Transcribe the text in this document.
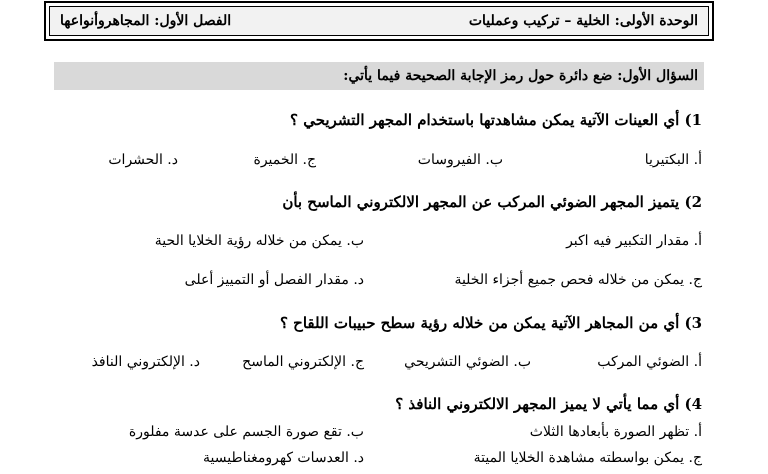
الوحدة الأولى: الخلية – تركيب وعمليات
الفصل الأول: المجاهروأنواعها
السؤال الأول: ضع دائرة حول رمز الإجابة الصحيحة فيما يأتي:
1) أي العينات الآتية يمكن مشاهدتها باستخدام المجهر التشريحي ؟
أ. البكتيريا
ب. الفيروسات
ج. الخميرة
د. الحشرات
2) يتميز المجهر الضوئي المركب عن المجهر الالكتروني الماسح بأن
أ. مقدار التكبير فيه اكبر
ب. يمكن من خلاله رؤية الخلايا الحية
ج. يمكن من خلاله فحص جميع أجزاء الخلية
د. مقدار الفصل أو التمييز أعلى
3) أي من المجاهر الآتية يمكن من خلاله رؤية سطح حبيبات اللقاح ؟
أ. الضوئي المركب
ب. الضوئي التشريحي
ج. الإلكتروني الماسح
د. الإلكتروني النافذ
4) أي مما يأتي لا يميز المجهر الالكتروني النافذ ؟
أ. تظهر الصورة بأبعادها الثلاث
ب. تقع صورة الجسم على عدسة مفلورة
ج. يمكن بواسطته مشاهدة الخلايا الميتة
د. العدسات كهرومغناطيسية
